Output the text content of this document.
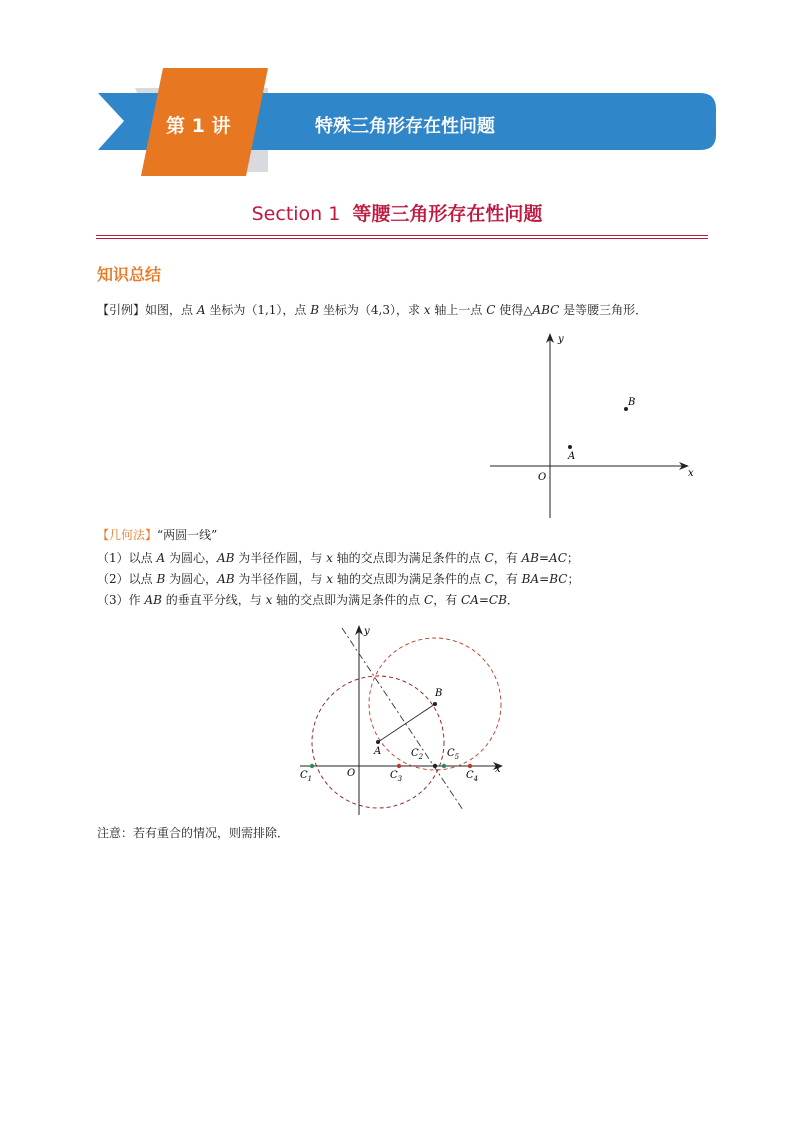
第 1 讲	特殊三角形存在性问题
Section 1 等腰三角形存在性问题
知识总结
【引例】如图，点 A 坐标为（1,1），点 B 坐标为（4,3），求 x 轴上一点 C 使得△ABC 是等腰三角形．
y
x
O
A
B
【几何法】“两圆一线”
（1）以点 A 为圆心，AB 为半径作圆，与 x 轴的交点即为满足条件的点 C，有 AB=AC；
（2）以点 B 为圆心，AB 为半径作圆，与 x 轴的交点即为满足条件的点 C，有 BA=BC；
（3）作 AB 的垂直平分线，与 x 轴的交点即为满足条件的点 C，有 CA=CB．
y
x
O
A
B
$C_1$	$C_3$
$C_2$ $C_5$
$C_4$
注意：若有重合的情况，则需排除．
